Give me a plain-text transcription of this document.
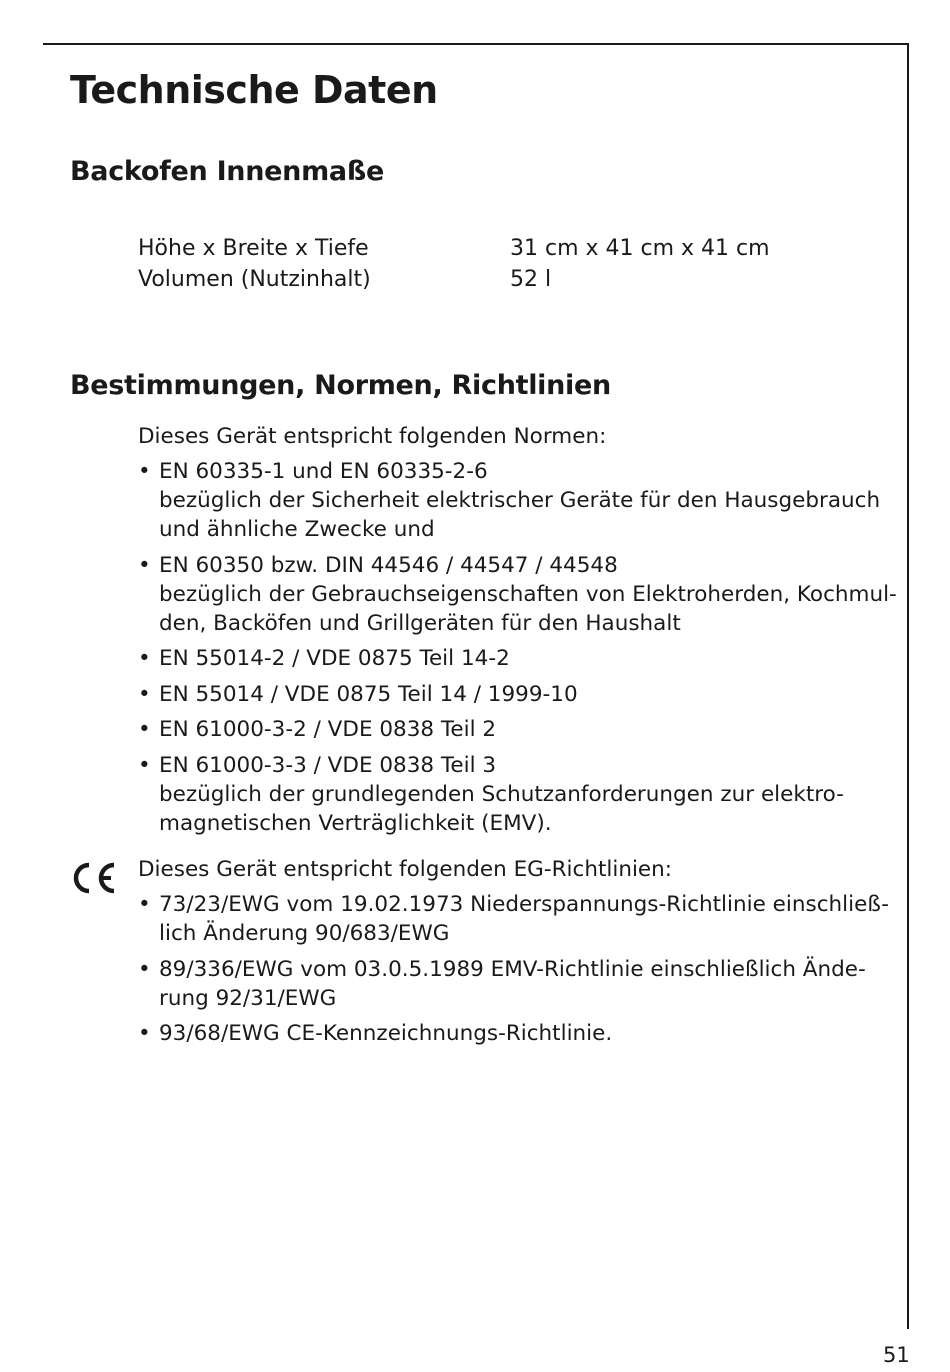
Technische Daten
Backofen Innenmaße
Höhe x Breite x Tiefe	31 cm x 41 cm x 41 cm
Volumen (Nutzinhalt)	52 l
Bestimmungen, Normen, Richtlinien

Dieses Gerät entspricht folgenden Normen:

• EN 60335-1 und EN 60335-2-6
bezüglich der Sicherheit elektrischer Geräte für den Hausgebrauch
und ähnliche Zwecke und
• EN 60350 bzw. DIN 44546 / 44547 / 44548
bezüglich der Gebrauchseigenschaften von Elektroherden, Kochmul-
den, Backöfen und Grillgeräten für den Haushalt
• EN 55014-2 / VDE 0875 Teil 14-2
• EN 55014 / VDE 0875 Teil 14 / 1999-10
• EN 61000-3-2 / VDE 0838 Teil 2
• EN 61000-3-3 / VDE 0838 Teil 3
bezüglich der grundlegenden Schutzanforderungen zur elektro-
magnetischen Verträglichkeit (EMV).

Dieses Gerät entspricht folgenden EG-Richtlinien:

• 73/23/EWG vom 19.02.1973 Niederspannungs-Richtlinie einschließ-
lich Änderung 90/683/EWG
• 89/336/EWG vom 03.0.5.1989 EMV-Richtlinie einschließlich Ände-
rung 92/31/EWG
• 93/68/EWG CE-Kennzeichnungs-Richtlinie.
51
